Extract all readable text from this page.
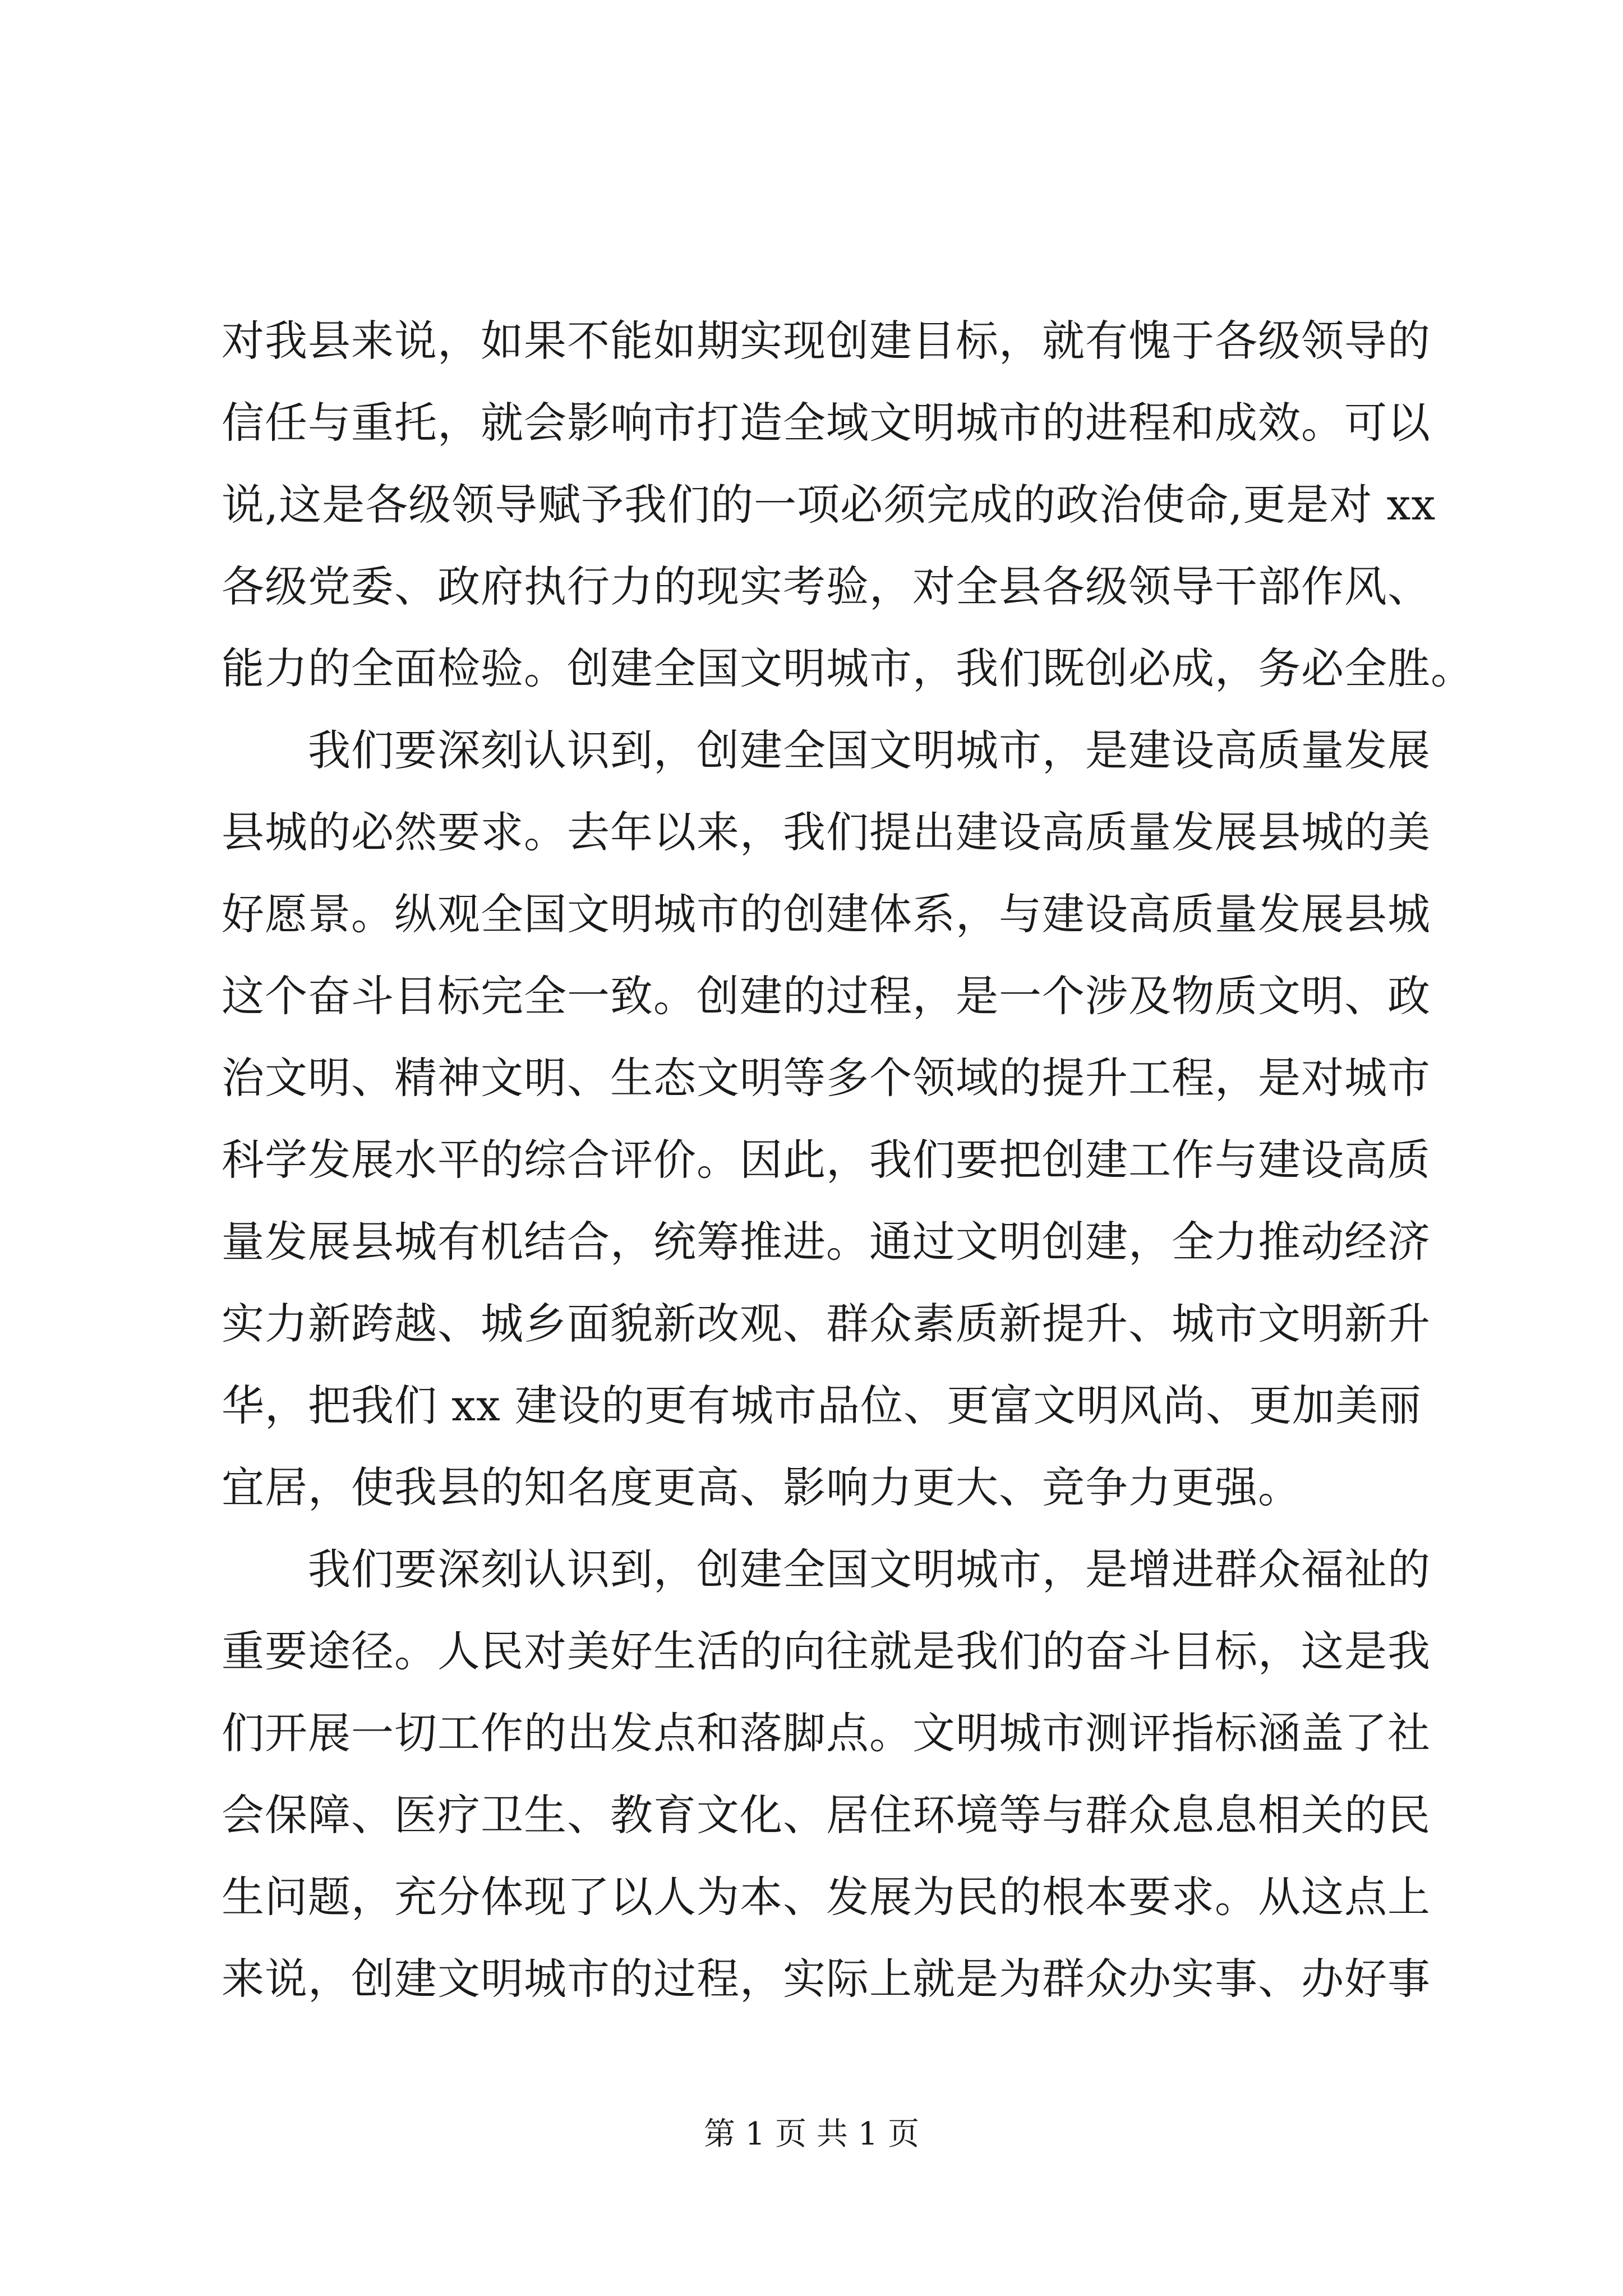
对我县来说，如果不能如期实现创建目标，就有愧于各级领导的
信任与重托，就会影响市打造全域文明城市的进程和成效。可以
说,这是各级领导赋予我们的一项必须完成的政治使命,更是对 xx
各级党委、政府执行力的现实考验，对全县各级领导干部作风、
能力的全面检验。创建全国文明城市，我们既创必成，务必全胜。
我们要深刻认识到，创建全国文明城市，是建设高质量发展
县城的必然要求。去年以来，我们提出建设高质量发展县城的美
好愿景。纵观全国文明城市的创建体系，与建设高质量发展县城
这个奋斗目标完全一致。创建的过程，是一个涉及物质文明、政
治文明、精神文明、生态文明等多个领域的提升工程，是对城市
科学发展水平的综合评价。因此，我们要把创建工作与建设高质
量发展县城有机结合，统筹推进。通过文明创建，全力推动经济
实力新跨越、城乡面貌新改观、群众素质新提升、城市文明新升
华，把我们 xx 建设的更有城市品位、更富文明风尚、更加美丽
宜居，使我县的知名度更高、影响力更大、竞争力更强。
我们要深刻认识到，创建全国文明城市，是增进群众福祉的
重要途径。人民对美好生活的向往就是我们的奋斗目标，这是我
们开展一切工作的出发点和落脚点。文明城市测评指标涵盖了社
会保障、医疗卫生、教育文化、居住环境等与群众息息相关的民
生问题，充分体现了以人为本、发展为民的根本要求。从这点上
来说，创建文明城市的过程，实际上就是为群众办实事、办好事
第 1 页 共 1 页
